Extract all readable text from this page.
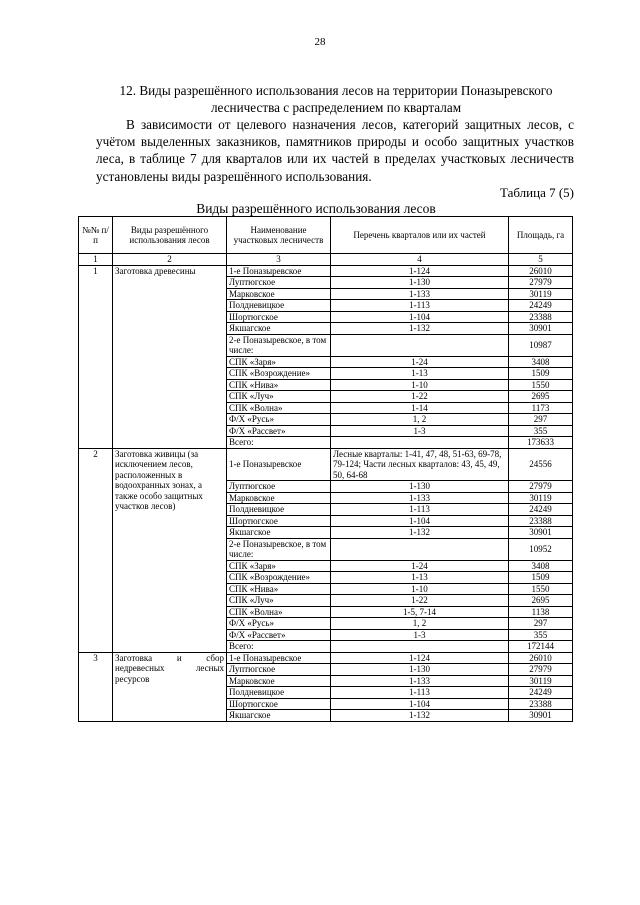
28
12. Виды разрешённого использования лесов на территории Поназыревского лесничества с распределением по кварталам
В зависимости от целевого назначения лесов, категорий защитных лесов, с учётом выделенных заказников, памятников природы и особо защитных участков леса, в таблице 7 для кварталов или их частей в пределах участковых лесничеств установлены виды разрешённого использования.
Таблица 7 (5)
Виды разрешённого использования лесов
№№ п/п	Виды разрешённого использования лесов	Наименование участковых лесничеств	Перечень кварталов или их частей	Площадь, га
1	2	3	4	5
1	Заготовка древесины	1-е Поназыревское	1-124	26010
		Луптюгское	1-130	27979
		Марковское	1-133	30119
		Полдневицкое	1-113	24249
		Шортюгское	1-104	23388
		Якшагское	1-132	30901
		2-е Поназыревское, в том числе:		10987
		СПК «Заря»	1-24	3408
		СПК «Возрождение»	1-13	1509
		СПК «Нива»	1-10	1550
		СПК «Луч»	1-22	2695
		СПК «Волна»	1-14	1173
		Ф/Х «Русь»	1, 2	297
		Ф/Х «Рассвет»	1-3	355
		Всего:		173633
2	Заготовка живицы (за исключением лесов, расположенных в водоохранных зонах, а также особо защитных участков лесов)	1-е Поназыревское	Лесные кварталы: 1-41, 47, 48, 51-63, 69-78, 79-124; Части лесных кварталов: 43, 45, 49, 50, 64-68	24556
		Луптюгское	1-130	27979
		Марковское	1-133	30119
		Полдневицкое	1-113	24249
		Шортюгское	1-104	23388
		Якшагское	1-132	30901
		2-е Поназыревское, в том числе:		10952
		СПК «Заря»	1-24	3408
		СПК «Возрождение»	1-13	1509
		СПК «Нива»	1-10	1550
		СПК «Луч»	1-22	2695
		СПК «Волна»	1-5, 7-14	1138
		Ф/Х «Русь»	1, 2	297
		Ф/Х «Рассвет»	1-3	355
		Всего:		172144
3	Заготовка и сбор недревесных лесных ресурсов	1-е Поназыревское	1-124	26010
		Луптюгское	1-130	27979
		Марковское	1-133	30119
		Полдневицкое	1-113	24249
		Шортюгское	1-104	23388
		Якшагское	1-132	30901
